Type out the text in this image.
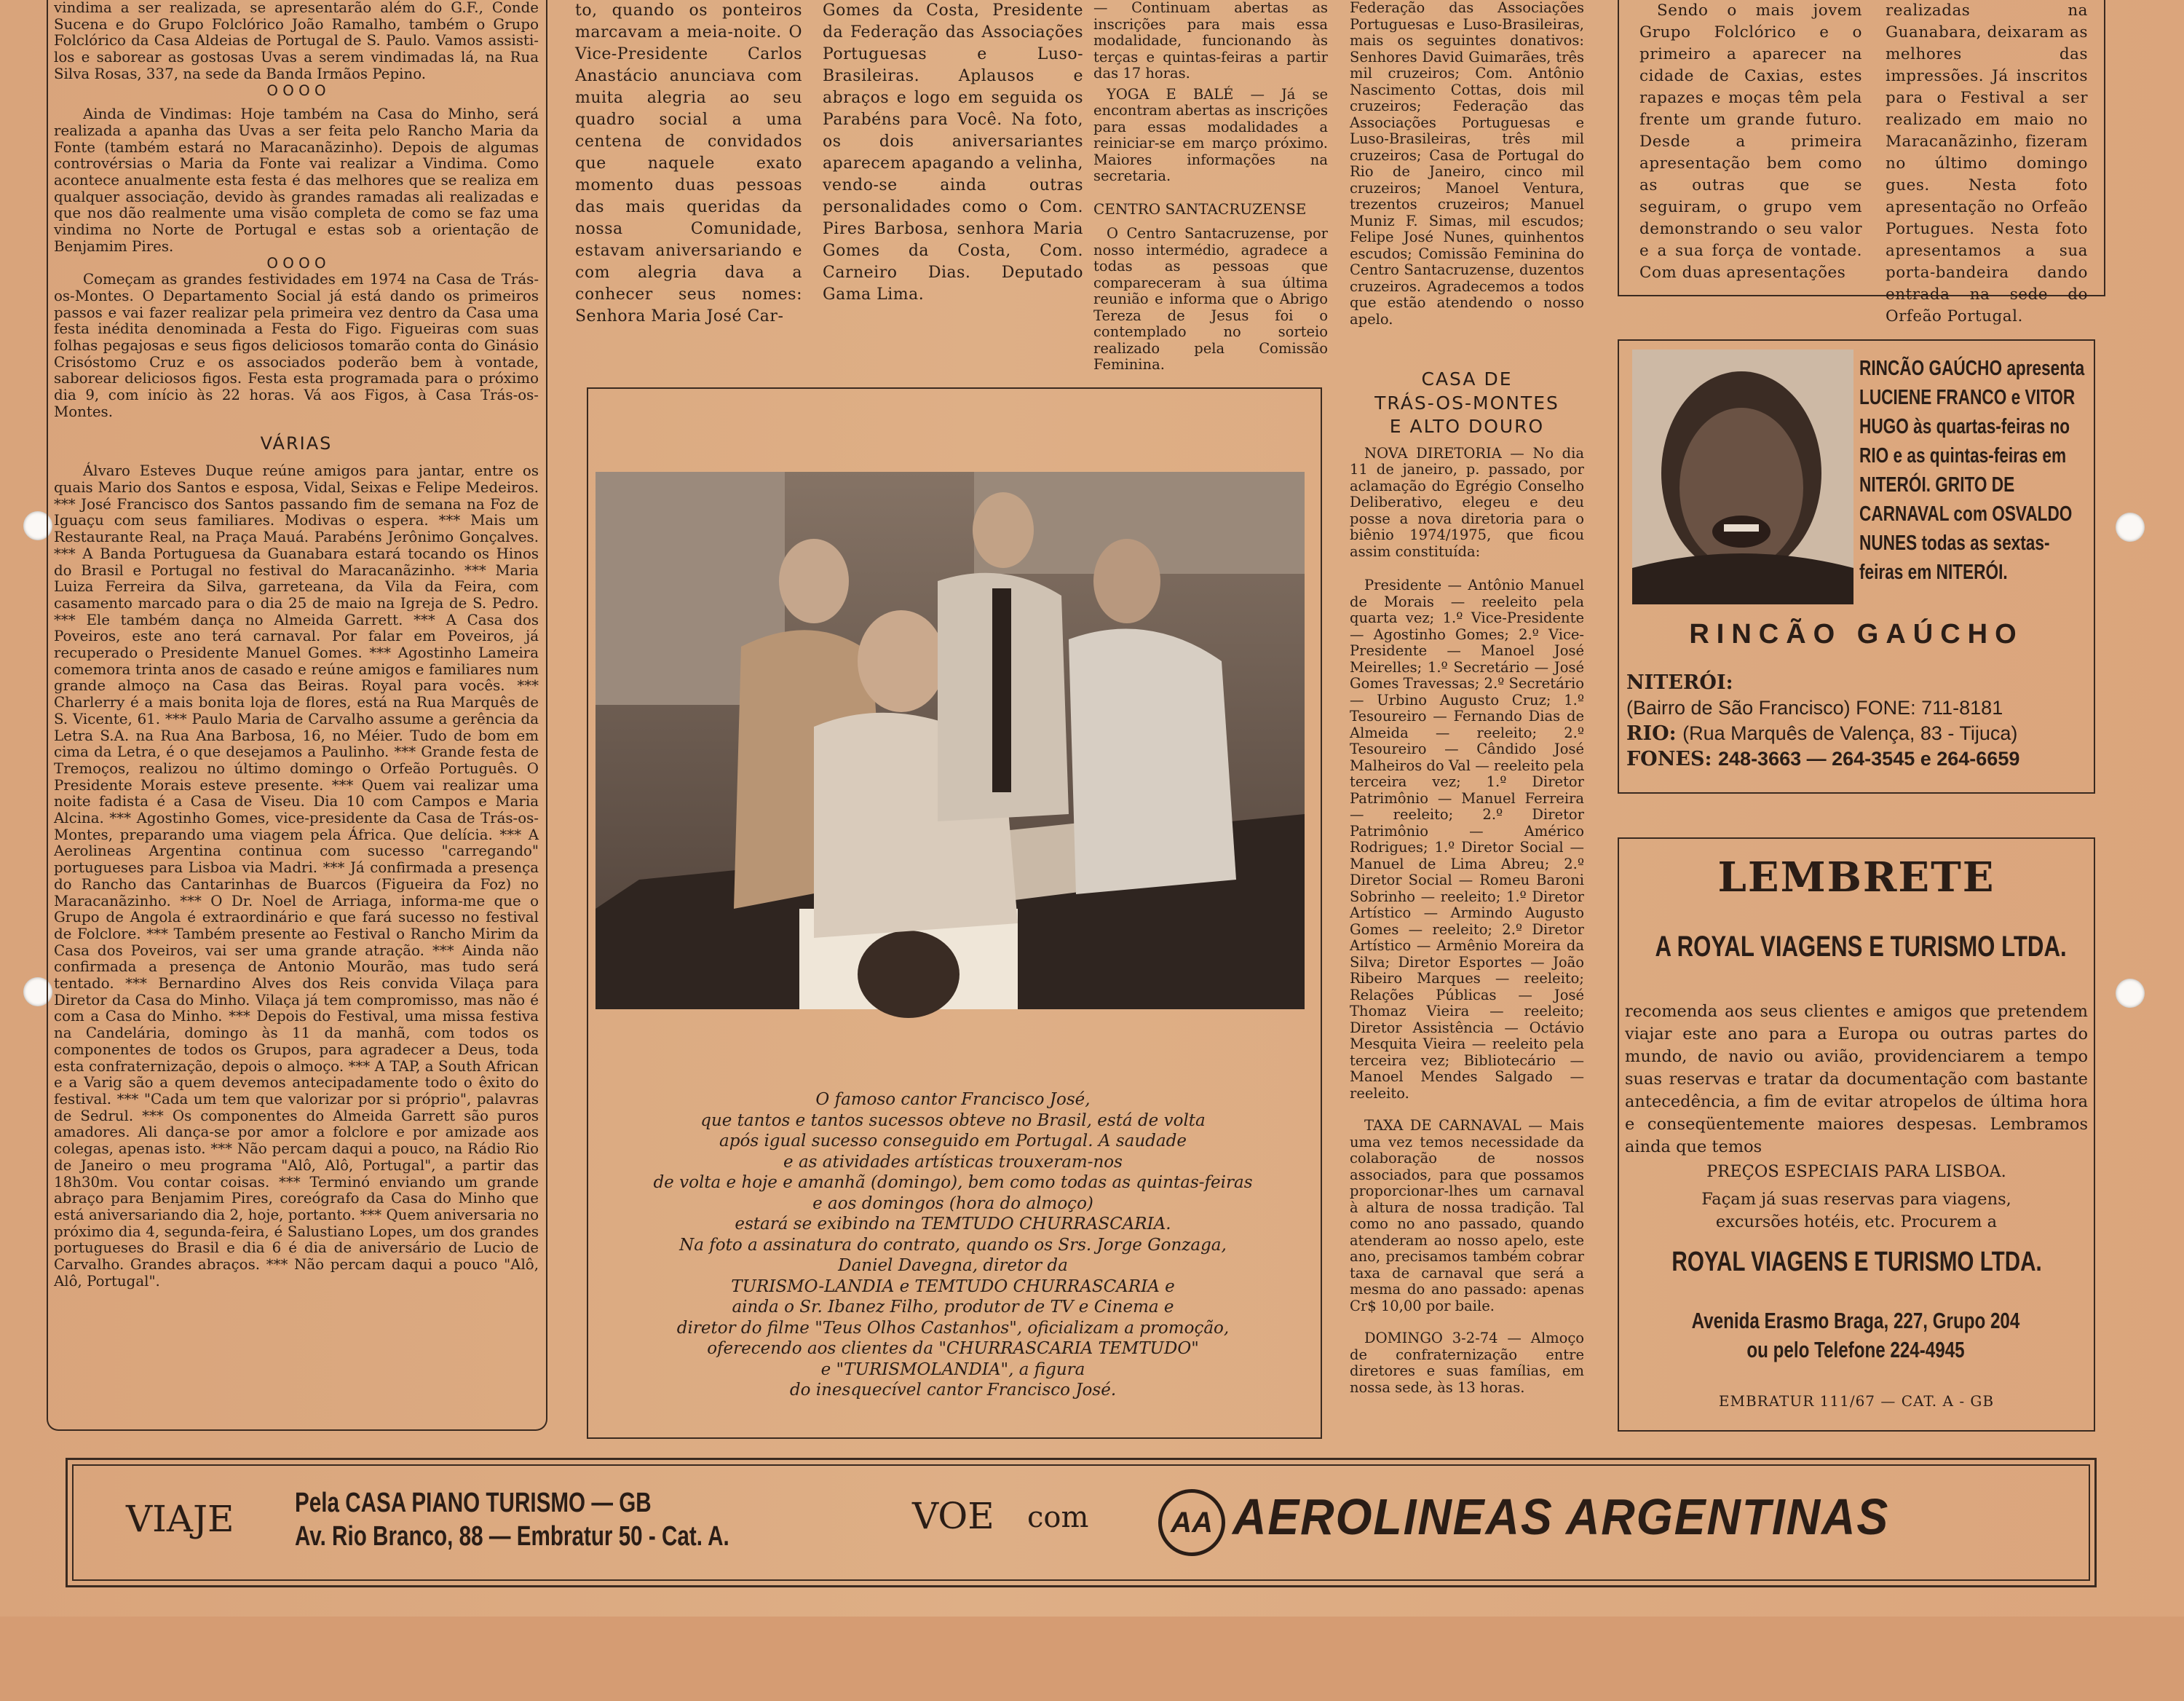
vindima a ser realizada, se apresentarão além do G.F., Conde Sucena e do Grupo Folclórico João Ramalho, também o Grupo Folclórico da Casa Aldeias de Portugal de S. Paulo. Vamos assisti-los e saborear as gostosas Uvas a serem vindimadas lá, na Rua Silva Rosas, 337, na sede da Banda Irmãos Pepino.

O O O O

Ainda de Vindimas: Hoje também na Casa do Minho, será realizada a apanha das Uvas a ser feita pelo Rancho Maria da Fonte (também estará no Maracanãzinho). Depois de algumas controvérsias o Maria da Fonte vai realizar a Vindima. Como acontece anualmente esta festa é das melhores que se realiza em qualquer associação, devido às grandes ramadas ali realizadas e que nos dão realmente uma visão completa de como se faz uma vindima no Norte de Portugal e estas sob a orientação de Benjamim Pires.

O O O O

Começam as grandes festividades em 1974 na Casa de Trás-os-Montes. O Departamento Social já está dando os primeiros passos e vai fazer realizar pela primeira vez dentro da Casa uma festa inédita denominada a Festa do Figo. Figueiras com suas folhas pegajosas e seus figos deliciosos tomarão conta do Ginásio Crisóstomo Cruz e os associados poderão bem à vontade, saborear deliciosos figos. Festa esta programada para o próximo dia 9, com início às 22 horas. Vá aos Figos, à Casa Trás-os-Montes.

VÁRIAS

Álvaro Esteves Duque reúne amigos para jantar, entre os quais Mario dos Santos e esposa, Vidal, Seixas e Felipe Medeiros. *** José Francisco dos Santos passando fim de semana na Foz de Iguaçu com seus familiares. Modivas o espera. *** Mais um Restaurante Real, na Praça Mauá. Parabéns Jerônimo Gonçalves. *** A Banda Portuguesa da Guanabara estará tocando os Hinos do Brasil e Portugal no festival do Maracanãzinho. *** Maria Luiza Ferreira da Silva, garreteana, da Vila da Feira, com casamento marcado para o dia 25 de maio na Igreja de S. Pedro. *** Ele também dança no Almeida Garrett. *** A Casa dos Poveiros, este ano terá carnaval. Por falar em Poveiros, já recuperado o Presidente Manuel Gomes. *** Agostinho Lameira comemora trinta anos de casado e reúne amigos e familiares num grande almoço na Casa das Beiras. Royal para vocês. *** Charlerry é a mais bonita loja de flores, está na Rua Marquês de S. Vicente, 61. *** Paulo Maria de Carvalho assume a gerência da Letra S.A. na Rua Ana Barbosa, 16, no Méier. Tudo de bom em cima da Letra, é o que desejamos a Paulinho. *** Grande festa de Tremoços, realizou no último domingo o Orfeão Português. O Presidente Morais esteve presente. *** Quem vai realizar uma noite fadista é a Casa de Viseu. Dia 10 com Campos e Maria Alcina. *** Agostinho Gomes, vice-presidente da Casa de Trás-os-Montes, preparando uma viagem pela África. Que delícia. *** A Aerolineas Argentina continua com sucesso "carregando" portugueses para Lisboa via Madri. *** Já confirmada a presença do Rancho das Cantarinhas de Buarcos (Figueira da Foz) no Maracanãzinho. *** O Dr. Noel de Arriaga, informa-me que o Grupo de Angola é extraordinário e que fará sucesso no festival de Folclore. *** Também presente ao Festival o Rancho Mirim da Casa dos Poveiros, vai ser uma grande atração. *** Ainda não confirmada a presença de Antonio Mourão, mas tudo será tentado. *** Bernardino Alves dos Reis convida Vilaça para Diretor da Casa do Minho. Vilaça já tem compromisso, mas não é com a Casa do Minho. *** Depois do Festival, uma missa festiva na Candelária, domingo às 11 da manhã, com todos os componentes de todos os Grupos, para agradecer a Deus, toda esta confraternização, depois o almoço. *** A TAP, a South African e a Varig são a quem devemos antecipadamente todo o êxito do festival. *** "Cada um tem que valorizar por si próprio", palavras de Sedrul. *** Os componentes do Almeida Garrett são puros amadores. Ali dança-se por amor a folclore e por amizade aos colegas, apenas isto. *** Não percam daqui a pouco, na Rádio Rio de Janeiro o meu programa "Alô, Alô, Portugal", a partir das 18h30m. Vou contar coisas. *** Terminó enviando um grande abraço para Benjamim Pires, coreógrafo da Casa do Minho que está aniversariando dia 2, hoje, portanto. *** Quem aniversaria no próximo dia 4, segunda-feira, é Salustiano Lopes, um dos grandes portugueses do Brasil e dia 6 é dia de aniversário de Lucio de Carvalho. Grandes abraços. *** Não percam daqui a pouco "Alô, Alô, Portugal".

to, quando os ponteiros marcavam a meia-noite. O Vice-Presidente Carlos Anastácio anunciava com muita alegria ao seu quadro social a uma centena de convidados que naquele exato momento duas pessoas das mais queridas da nossa Comunidade, estavam aniversariando e com alegria dava a conhecer seus nomes: Senhora Maria José Car-

Gomes da Costa, Presidente da Federação das Associações Portuguesas e Luso-Brasileiras. Aplausos e abraços e logo em seguida os Parabéns para Você. Na foto, os dois aniversariantes aparecem apagando a velinha, vendo-se ainda outras personalidades como o Com. Pires Barbosa, senhora Maria Gomes da Costa, Com. Carneiro Dias. Deputado Gama Lima.

— Continuam abertas as inscrições para mais essa modalidade, funcionando às terças e quintas-feiras a partir das 17 horas.

YOGA E BALÉ — Já se encontram abertas as inscrições para essas modalidades a reiniciar-se em março próximo. Maiores informações na secretaria.

CENTRO SANTACRUZENSE

O Centro Santacruzense, por nosso intermédio, agradece a todas as pessoas que compareceram à sua última reunião e informa que o Abrigo Tereza de Jesus foi o contemplado no sorteio realizado pela Comissão Feminina.

Federação das Associações Portuguesas e Luso-Brasileiras, mais os seguintes donativos: Senhores David Guimarães, três mil cruzeiros; Com. Antônio Nascimento Cottas, dois mil cruzeiros; Federação das Associações Portuguesas e Luso-Brasileiras, três mil cruzeiros; Casa de Portugal do Rio de Janeiro, cinco mil cruzeiros; Manoel Ventura, trezentos cruzeiros; Manuel Muniz F. Simas, mil escudos; Felipe José Nunes, quinhentos escudos; Comissão Feminina do Centro Santacruzense, duzentos cruzeiros. Agradecemos a todos que estão atendendo o nosso apelo.

CASA DE

TRÁS-OS-MONTES

E ALTO DOURO

NOVA DIRETORIA — No dia 11 de janeiro, p. passado, por aclamação do Egrégio Conselho Deliberativo, elegeu e deu posse a nova diretoria para o biênio 1974/1975, que ficou assim constituída:

Presidente — Antônio Manuel de Morais — reeleito pela quarta vez; 1.º Vice-Presidente — Agostinho Gomes; 2.º Vice-Presidente — Manoel José Meirelles; 1.º Secretário — José Gomes Travessas; 2.º Secretário — Urbino Augusto Cruz; 1.º Tesoureiro — Fernando Dias de Almeida — reeleito; 2.º Tesoureiro — Cândido José Malheiros do Val — reeleito pela terceira vez; 1.º Diretor Patrimônio — Manuel Ferreira — reeleito; 2.º Diretor Patrimônio — Américo Rodrigues; 1.º Diretor Social — Manuel de Lima Abreu; 2.º Diretor Social — Romeu Baroni Sobrinho — reeleito; 1.º Diretor Artístico — Armindo Augusto Gomes — reeleito; 2.º Diretor Artístico — Armênio Moreira da Silva; Diretor Esportes — João Ribeiro Marques — reeleito; Relações Públicas — José Thomaz Vieira — reeleito; Diretor Assistência — Octávio Mesquita Vieira — reeleito pela terceira vez; Bibliotecário — Manoel Mendes Salgado — reeleito.

TAXA DE CARNAVAL — Mais uma vez temos necessidade da colaboração de nossos associados, para que possamos proporcionar-lhes um carnaval à altura de nossa tradição. Tal como no ano passado, quando atenderam ao nosso apelo, este ano, precisamos também cobrar taxa de carnaval que será a mesma do ano passado: apenas Cr$ 10,00 por baile.

DOMINGO 3-2-74 — Almoço de confraternização entre diretores e suas famílias, em nossa sede, às 13 horas.

Sendo o mais jovem Grupo Folclórico e o primeiro a aparecer na cidade de Caxias, estes rapazes e moças têm pela frente um grande futuro. Desde a primeira apresentação bem como as outras que se seguiram, o grupo vem demonstrando o seu valor e a sua força de vontade. Com duas apresentações

realizadas na Guanabara, deixaram as melhores das impressões. Já inscritos para o Festival a ser realizado em maio no Maracanãzinho, fizeram no último domingo gues. Nesta foto apresentação no Orfeão Portugues. Nesta foto apresentamos a sua porta-bandeira dando entrada na sede do Orfeão Portugal.

O famoso cantor Francisco José,
que tantos e tantos sucessos obteve no Brasil, está de volta
após igual sucesso conseguido em Portugal. A saudade
e as atividades artísticas trouxeram-nos
de volta e hoje e amanhã (domingo), bem como todas as quintas-feiras
e aos domingos (hora do almoço)
estará se exibindo na TEMTUDO CHURRASCARIA.
Na foto a assinatura do contrato, quando os Srs. Jorge Gonzaga,
Daniel Davegna, diretor da
TURISMO-LANDIA e TEMTUDO CHURRASCARIA e
ainda o Sr. Ibanez Filho, produtor de TV e Cinema e
diretor do filme "Teus Olhos Castanhos", oficializam a promoção,
oferecendo aos clientes da "CHURRASCARIA TEMTUDO"
e "TURISMOLANDIA", a figura
do inesquecível cantor Francisco José.
RINCÃO GAÚCHO apresenta LUCIENE FRANCO e VITOR HUGO às quartas-feiras no RIO e as quintas-feiras em NITERÓI. GRITO DE CARNAVAL com OSVALDO NUNES todas as sextas-feiras em NITERÓI.
RINCÃO GAÚCHO
NITERÓI:
(Bairro de São Francisco) FONE: 711-8181
RIO: (Rua Marquês de Valença, 83 - Tijuca)
FONES: 248-3663 — 264-3545 e 264-6659
LEMBRETE
A ROYAL VIAGENS E TURISMO LTDA.
recomenda aos seus clientes e amigos que pretendem viajar este ano para a Europa ou outras partes do mundo, de navio ou avião, providenciarem a tempo suas reservas e tratar da documentação com bastante antecedência, a fim de evitar atropelos de última hora e conseqüentemente maiores despesas. Lembramos ainda que temos
PREÇOS ESPECIAIS PARA LISBOA.
Façam já suas reservas para viagens, excursões hotéis, etc. Procurem a
ROYAL VIAGENS E TURISMO LTDA.
Avenida Erasmo Braga, 227, Grupo 204
ou pelo Telefone 224-4945
EMBRATUR 111/67 — CAT. A - GB
VIAJE Pela CASA PIANO TURISMO — GB
Av. Rio Branco, 88 — Embratur 50 - Cat. A.	VOE com	AA AEROLINEAS ARGENTINAS
